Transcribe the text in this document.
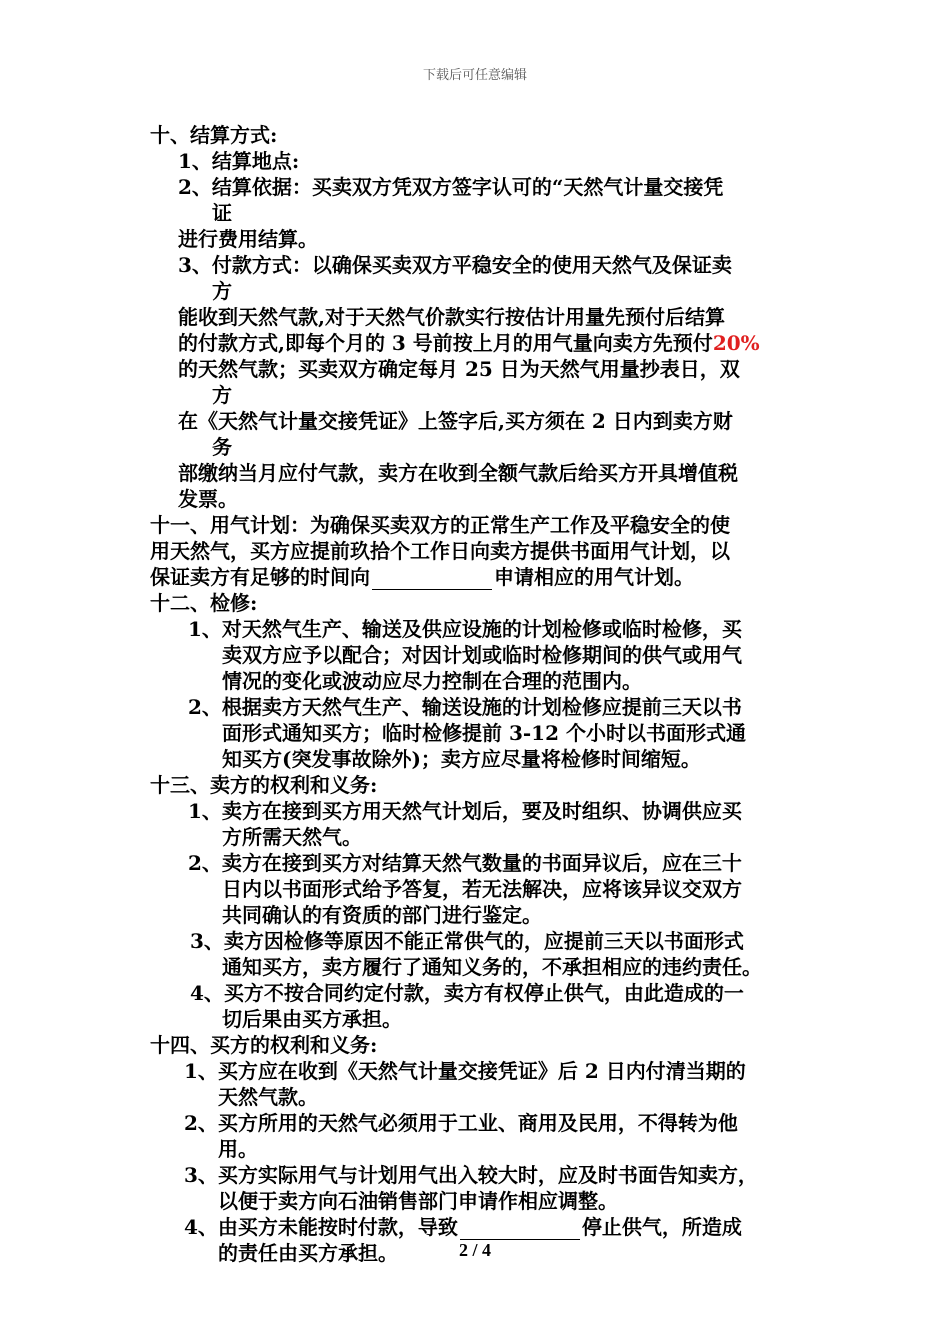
下载后可任意编辑
十、结算方式:
1、结算地点:
2、结算依据：买卖双方凭双方签字认可的“天然气计量交接凭
证
进行费用结算。
3、付款方式：以确保买卖双方平稳安全的使用天然气及保证卖
方
能收到天然气款,对于天然气价款实行按估计用量先预付后结算
的付款方式,即每个月的 3 号前按上月的用气量向卖方先预付20%
的天然气款；买卖双方确定每月 25 日为天然气用量抄表日，双
方
在《天然气计量交接凭证》上签字后,买方须在 2 日内到卖方财
务
部缴纳当月应付气款，卖方在收到全额气款后给买方开具增值税
发票。
十一、用气计划：为确保买卖双方的正常生产工作及平稳安全的使
用天然气，买方应提前玖拾个工作日向卖方提供书面用气计划，以
保证卖方有足够的时间向	申请相应的用气计划。
十二、检修:
1、对天然气生产、输送及供应设施的计划检修或临时检修，买
卖双方应予以配合；对因计划或临时检修期间的供气或用气
情况的变化或波动应尽力控制在合理的范围内。
2、根据卖方天然气生产、输送设施的计划检修应提前三天以书
面形式通知买方；临时检修提前 3-12 个小时以书面形式通
知买方(突发事故除外)；卖方应尽量将检修时间缩短。
十三、卖方的权利和义务:
1、卖方在接到买方用天然气计划后，要及时组织、协调供应买
方所需天然气。
2、卖方在接到买方对结算天然气数量的书面异议后，应在三十
日内以书面形式给予答复，若无法解决，应将该异议交双方
共同确认的有资质的部门进行鉴定。
3、卖方因检修等原因不能正常供气的，应提前三天以书面形式
通知买方，卖方履行了通知义务的，不承担相应的违约责任。
4、买方不按合同约定付款，卖方有权停止供气，由此造成的一
切后果由买方承担。
十四、买方的权利和义务:
1、买方应在收到《天然气计量交接凭证》后 2 日内付清当期的
天然气款。
2、买方所用的天然气必须用于工业、商用及民用，不得转为他
用。
3、买方实际用气与计划用气出入较大时，应及时书面告知卖方，
以便于卖方向石油销售部门申请作相应调整。
4、由买方未能按时付款，导致	停止供气，所造成
的责任由买方承担。	2 / 4
